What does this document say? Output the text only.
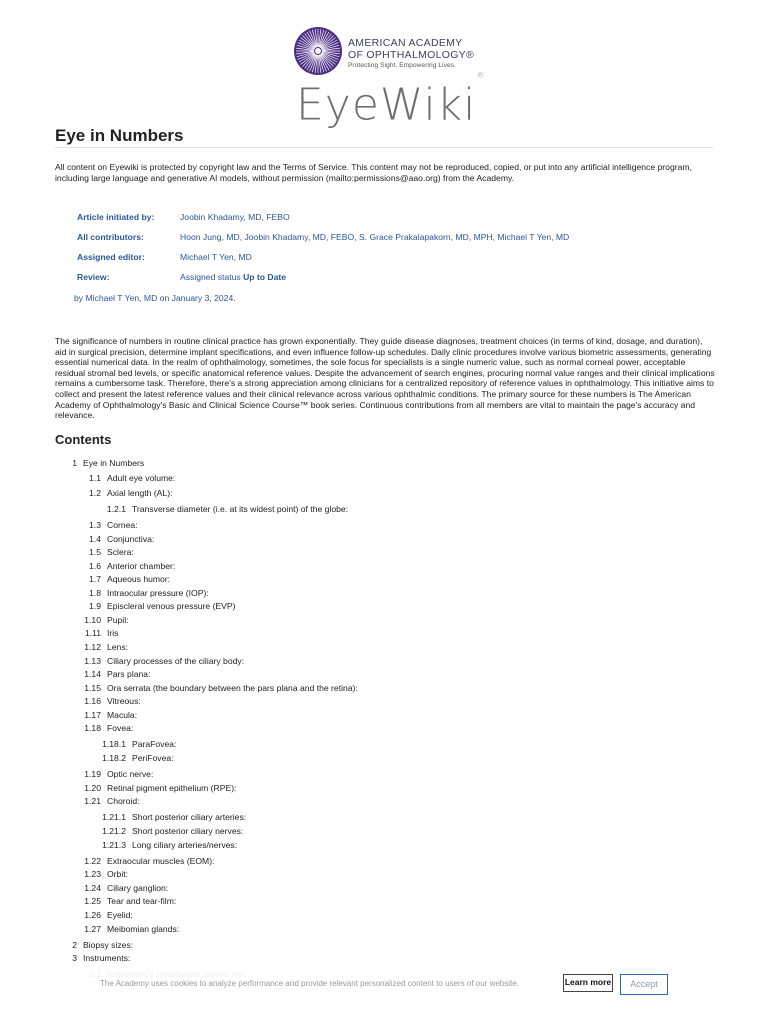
AMERICAN ACADEMY
OF OPHTHALMOLOGY®
Protecting Sight. Empowering Lives.
EyeWiki®
Eye in Numbers
All content on Eyewiki is protected by copyright law and the Terms of Service. This content may not be reproduced, copied, or put into any artificial intelligence program, including large language and generative AI models, without permission (mailto:permissions@aao.org) from the Academy.
Article initiated by:	Joobin Khadamy, MD, FEBO
All contributors:	Hoon Jung, MD, Joobin Khadamy, MD, FEBO, S. Grace Prakalapakorn, MD, MPH, Michael T Yen, MD
Assigned editor:	Michael T Yen, MD
Review:	Assigned status Up to Date
by Michael T Yen, MD on January 3, 2024.
The significance of numbers in routine clinical practice has grown exponentially. They guide disease diagnoses, treatment choices (in terms of kind, dosage, and duration), aid in surgical precision, determine implant specifications, and even influence follow-up schedules. Daily clinic procedures involve various biometric assessments, generating essential numerical data. In the realm of ophthalmology, sometimes, the sole focus for specialists is a single numeric value, such as normal corneal power, acceptable residual stromal bed levels, or specific anatomical reference values. Despite the advancement of search engines, procuring normal value ranges and their clinical implications remains a cumbersome task. Therefore, there's a strong appreciation among clinicians for a centralized repository of reference values in ophthalmology. This initiative aims to collect and present the latest reference values and their clinical relevance across various ophthalmic conditions. The primary source for these numbers is The American Academy of Ophthalmology's Basic and Clinical Science Course™ book series. Continuous contributions from all members are vital to maintain the page's accuracy and relevance.
Contents
1 Eye in Numbers
1.1 Adult eye volume:
1.2 Axial length (AL):
1.2.1 Transverse diameter (i.e. at its widest point) of the globe:
1.3 Cornea:
1.4 Conjunctiva:
1.5 Sclera:
1.6 Anterior chamber:
1.7 Aqueous humor:
1.8 Intraocular pressure (IOP):
1.9 Episcleral venous pressure (EVP)
1.10 Pupil:
1.11 Iris
1.12 Lens:
1.13 Ciliary processes of the ciliary body:
1.14 Pars plana:
1.15 Ora serrata (the boundary between the pars plana and the retina):
1.16 Vitreous:
1.17 Macula:
1.18 Fovea:
1.18.1 ParaFovea:
1.18.2 PeriFovea:
1.19 Optic nerve:
1.20 Retinal pigment epithelium (RPE):
1.21 Choroid:
1.21.1 Short posterior ciliary arteries:
1.21.2 Short posterior ciliary nerves:
1.21.3 Long ciliary arteries/nerves:
1.22 Extraocular muscles (EOM):
1.23 Orbit:
1.24 Ciliary ganglion:
1.25 Tear and tear-film:
1.26 Eyelid:
1.27 Meibomian glands:
2 Biopsy sizes:
3 Instruments:
The Academy uses cookies to analyze performance and provide relevant personalized content to users of our website.	Learn more	Accept
